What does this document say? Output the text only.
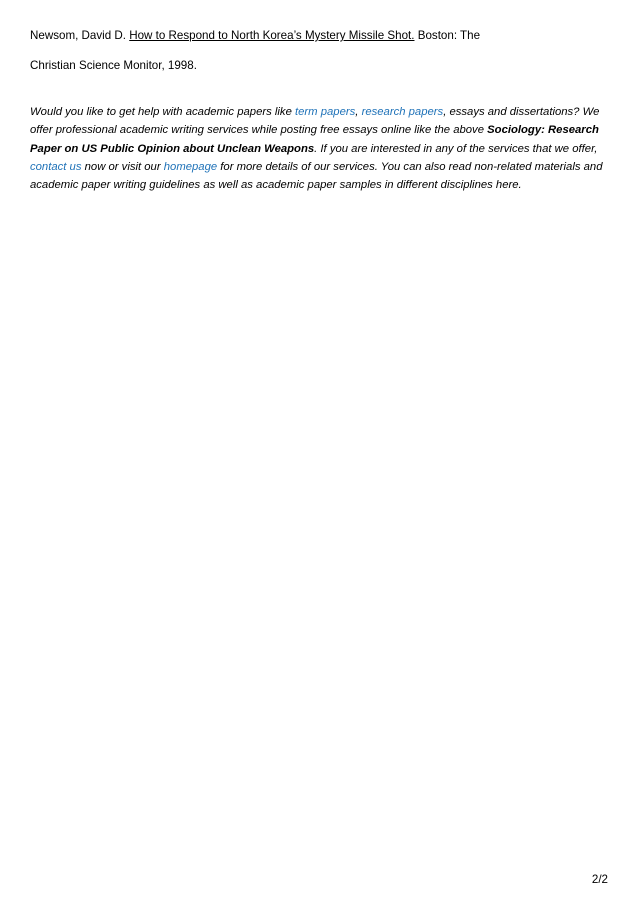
Newsom, David D. How to Respond to North Korea’s Mystery Missile Shot. Boston: The

Christian Science Monitor, 1998.

Would you like to get help with academic papers like term papers, research papers, essays and dissertations? We offer professional academic writing services while posting free essays online like the above Sociology: Research Paper on US Public Opinion about Unclean Weapons. If you are interested in any of the services that we offer, contact us now or visit our homepage for more details of our services. You can also read non-related materials and academic paper writing guidelines as well as academic paper samples in different disciplines here.

2/2
